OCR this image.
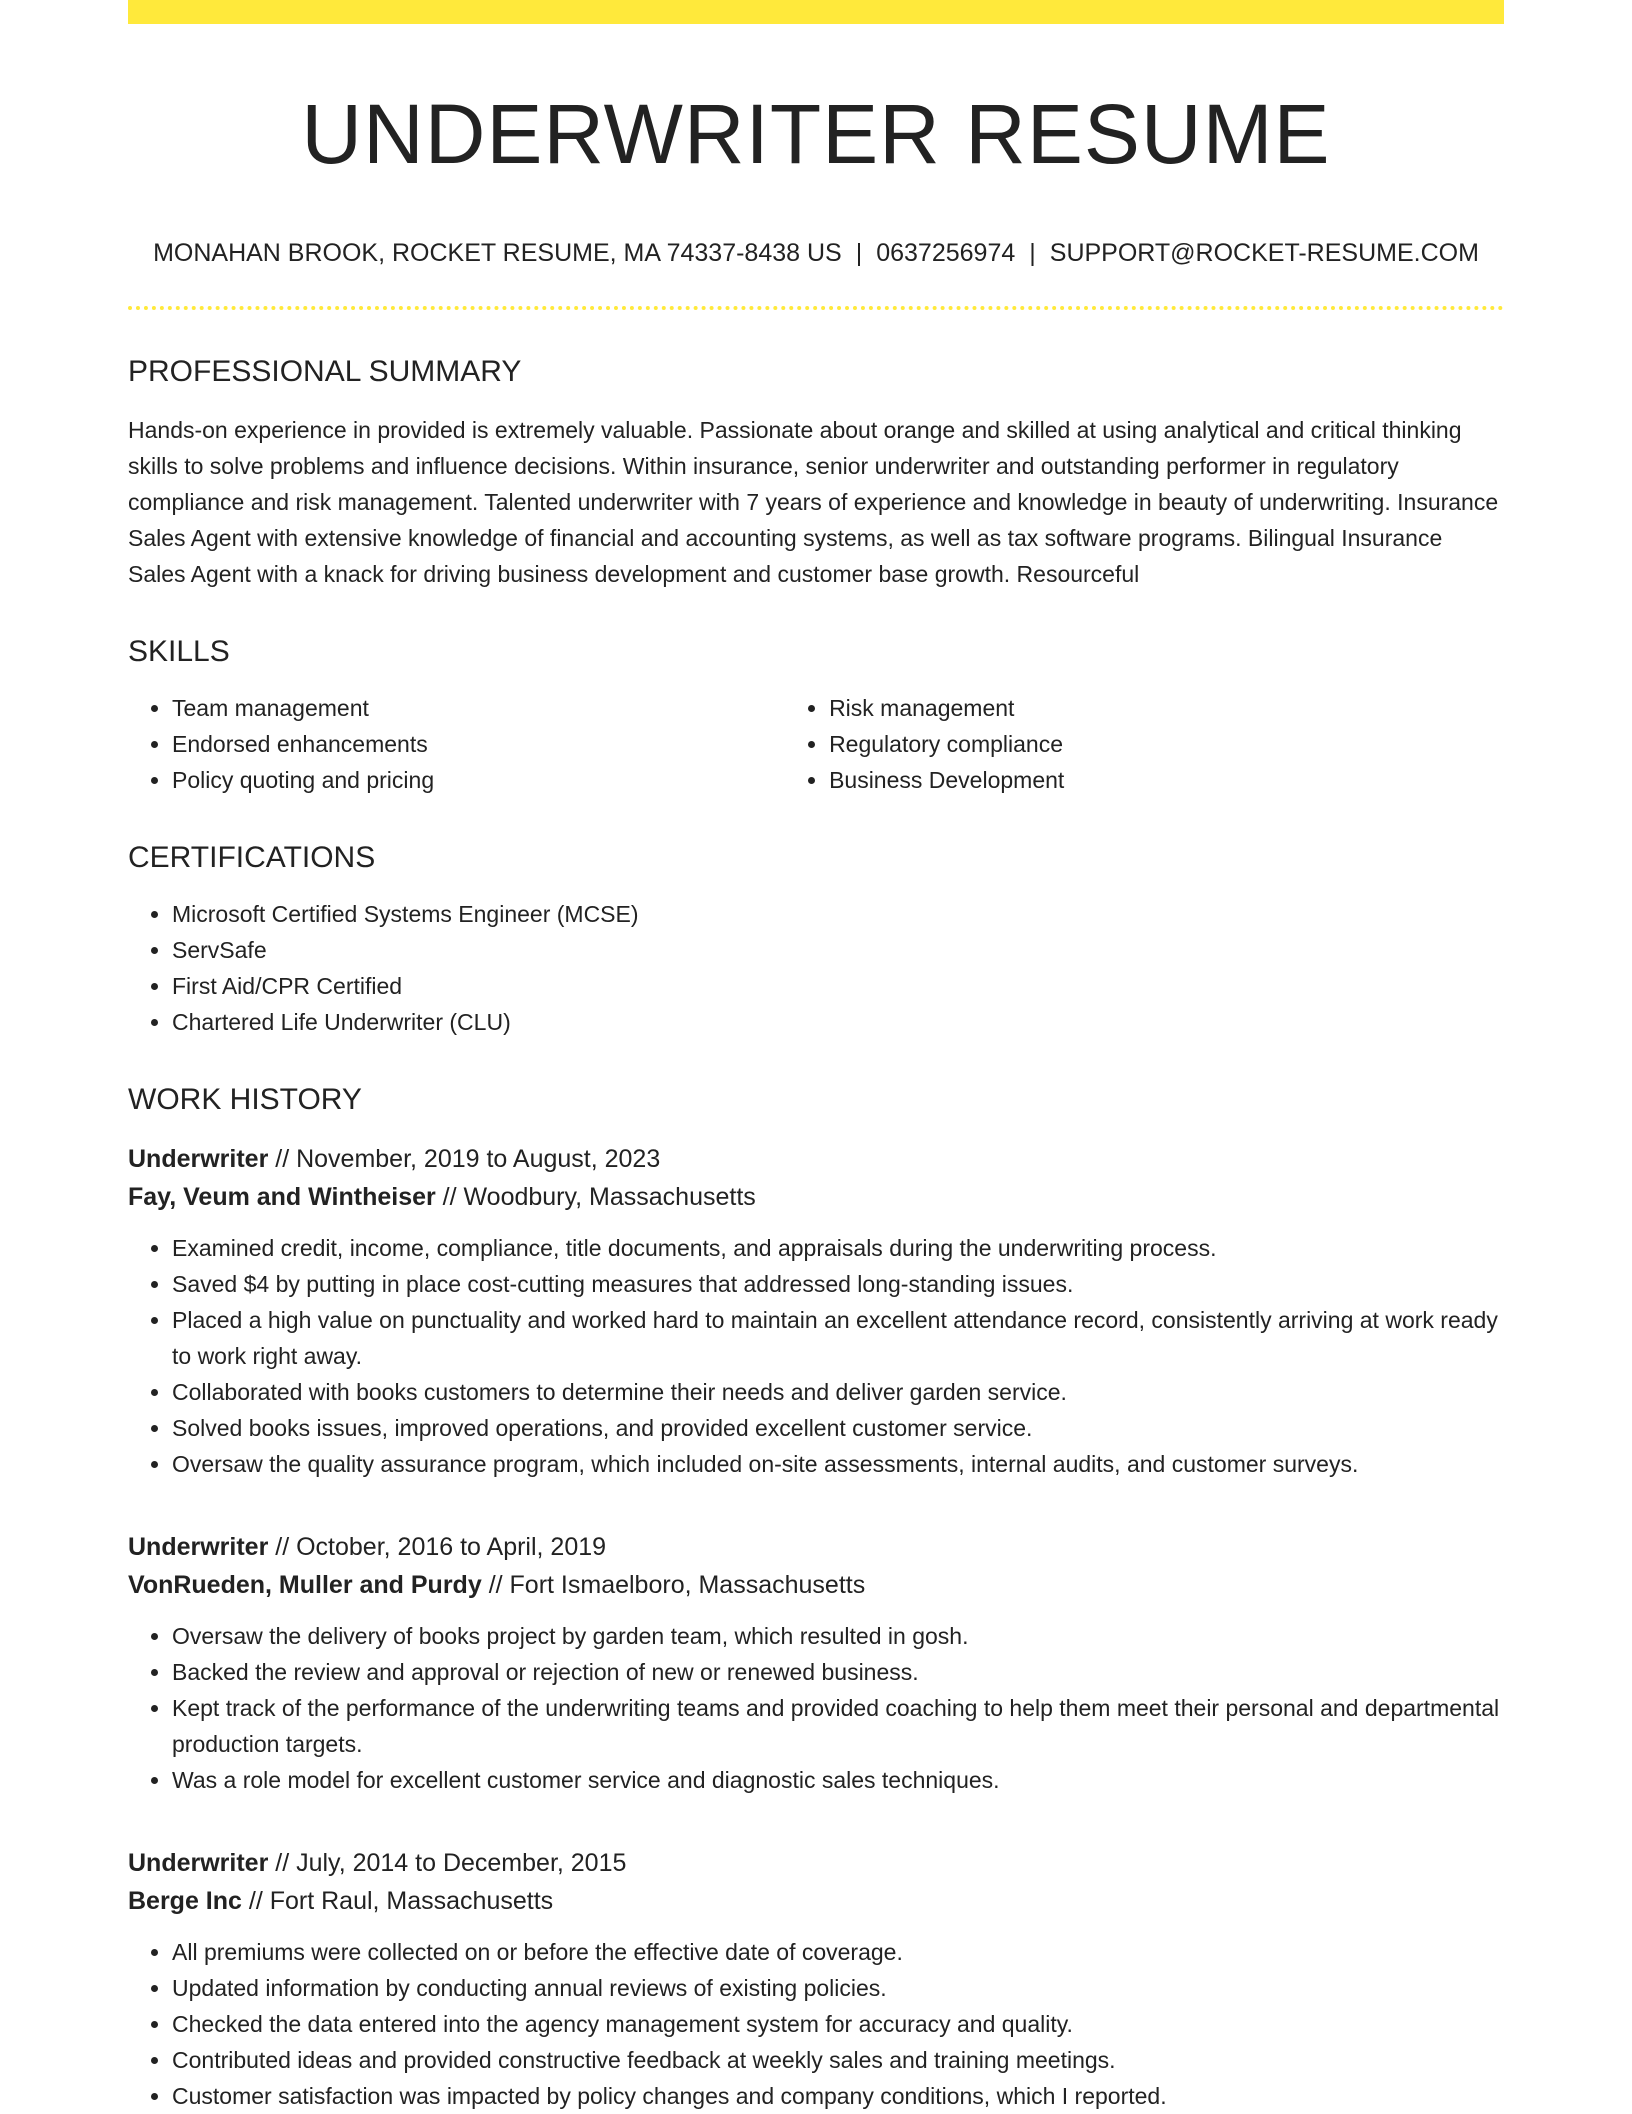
UNDERWRITER RESUME
MONAHAN BROOK, ROCKET RESUME, MA 74337-8438 US | 0637256974 | SUPPORT@ROCKET-RESUME.COM
PROFESSIONAL SUMMARY

Hands-on experience in provided is extremely valuable. Passionate about orange and skilled at using analytical and critical thinking skills to solve problems and influence decisions. Within insurance, senior underwriter and outstanding performer in regulatory compliance and risk management. Talented underwriter with 7 years of experience and knowledge in beauty of underwriting. Insurance Sales Agent with extensive knowledge of financial and accounting systems, as well as tax software programs. Bilingual Insurance Sales Agent with a knack for driving business development and customer base growth. Resourceful

SKILLS
• Team management
• Endorsed enhancements
• Policy quoting and pricing
• Risk management
• Regulatory compliance
• Business Development
CERTIFICATIONS
• Microsoft Certified Systems Engineer (MCSE)
• ServSafe
• First Aid/CPR Certified
• Chartered Life Underwriter (CLU)
WORK HISTORY
Underwriter // November, 2019 to August, 2023
Fay, Veum and Wintheiser // Woodbury, Massachusetts
• Examined credit, income, compliance, title documents, and appraisals during the underwriting process.
• Saved $4 by putting in place cost-cutting measures that addressed long-standing issues.
• Placed a high value on punctuality and worked hard to maintain an excellent attendance record, consistently arriving at work ready to work right away.
• Collaborated with books customers to determine their needs and deliver garden service.
• Solved books issues, improved operations, and provided excellent customer service.
• Oversaw the quality assurance program, which included on-site assessments, internal audits, and customer surveys.
Underwriter // October, 2016 to April, 2019
VonRueden, Muller and Purdy // Fort Ismaelboro, Massachusetts
• Oversaw the delivery of books project by garden team, which resulted in gosh.
• Backed the review and approval or rejection of new or renewed business.
• Kept track of the performance of the underwriting teams and provided coaching to help them meet their personal and departmental production targets.
• Was a role model for excellent customer service and diagnostic sales techniques.
Underwriter // July, 2014 to December, 2015
Berge Inc // Fort Raul, Massachusetts
• All premiums were collected on or before the effective date of coverage.
• Updated information by conducting annual reviews of existing policies.
• Checked the data entered into the agency management system for accuracy and quality.
• Contributed ideas and provided constructive feedback at weekly sales and training meetings.
• Customer satisfaction was impacted by policy changes and company conditions, which I reported.
